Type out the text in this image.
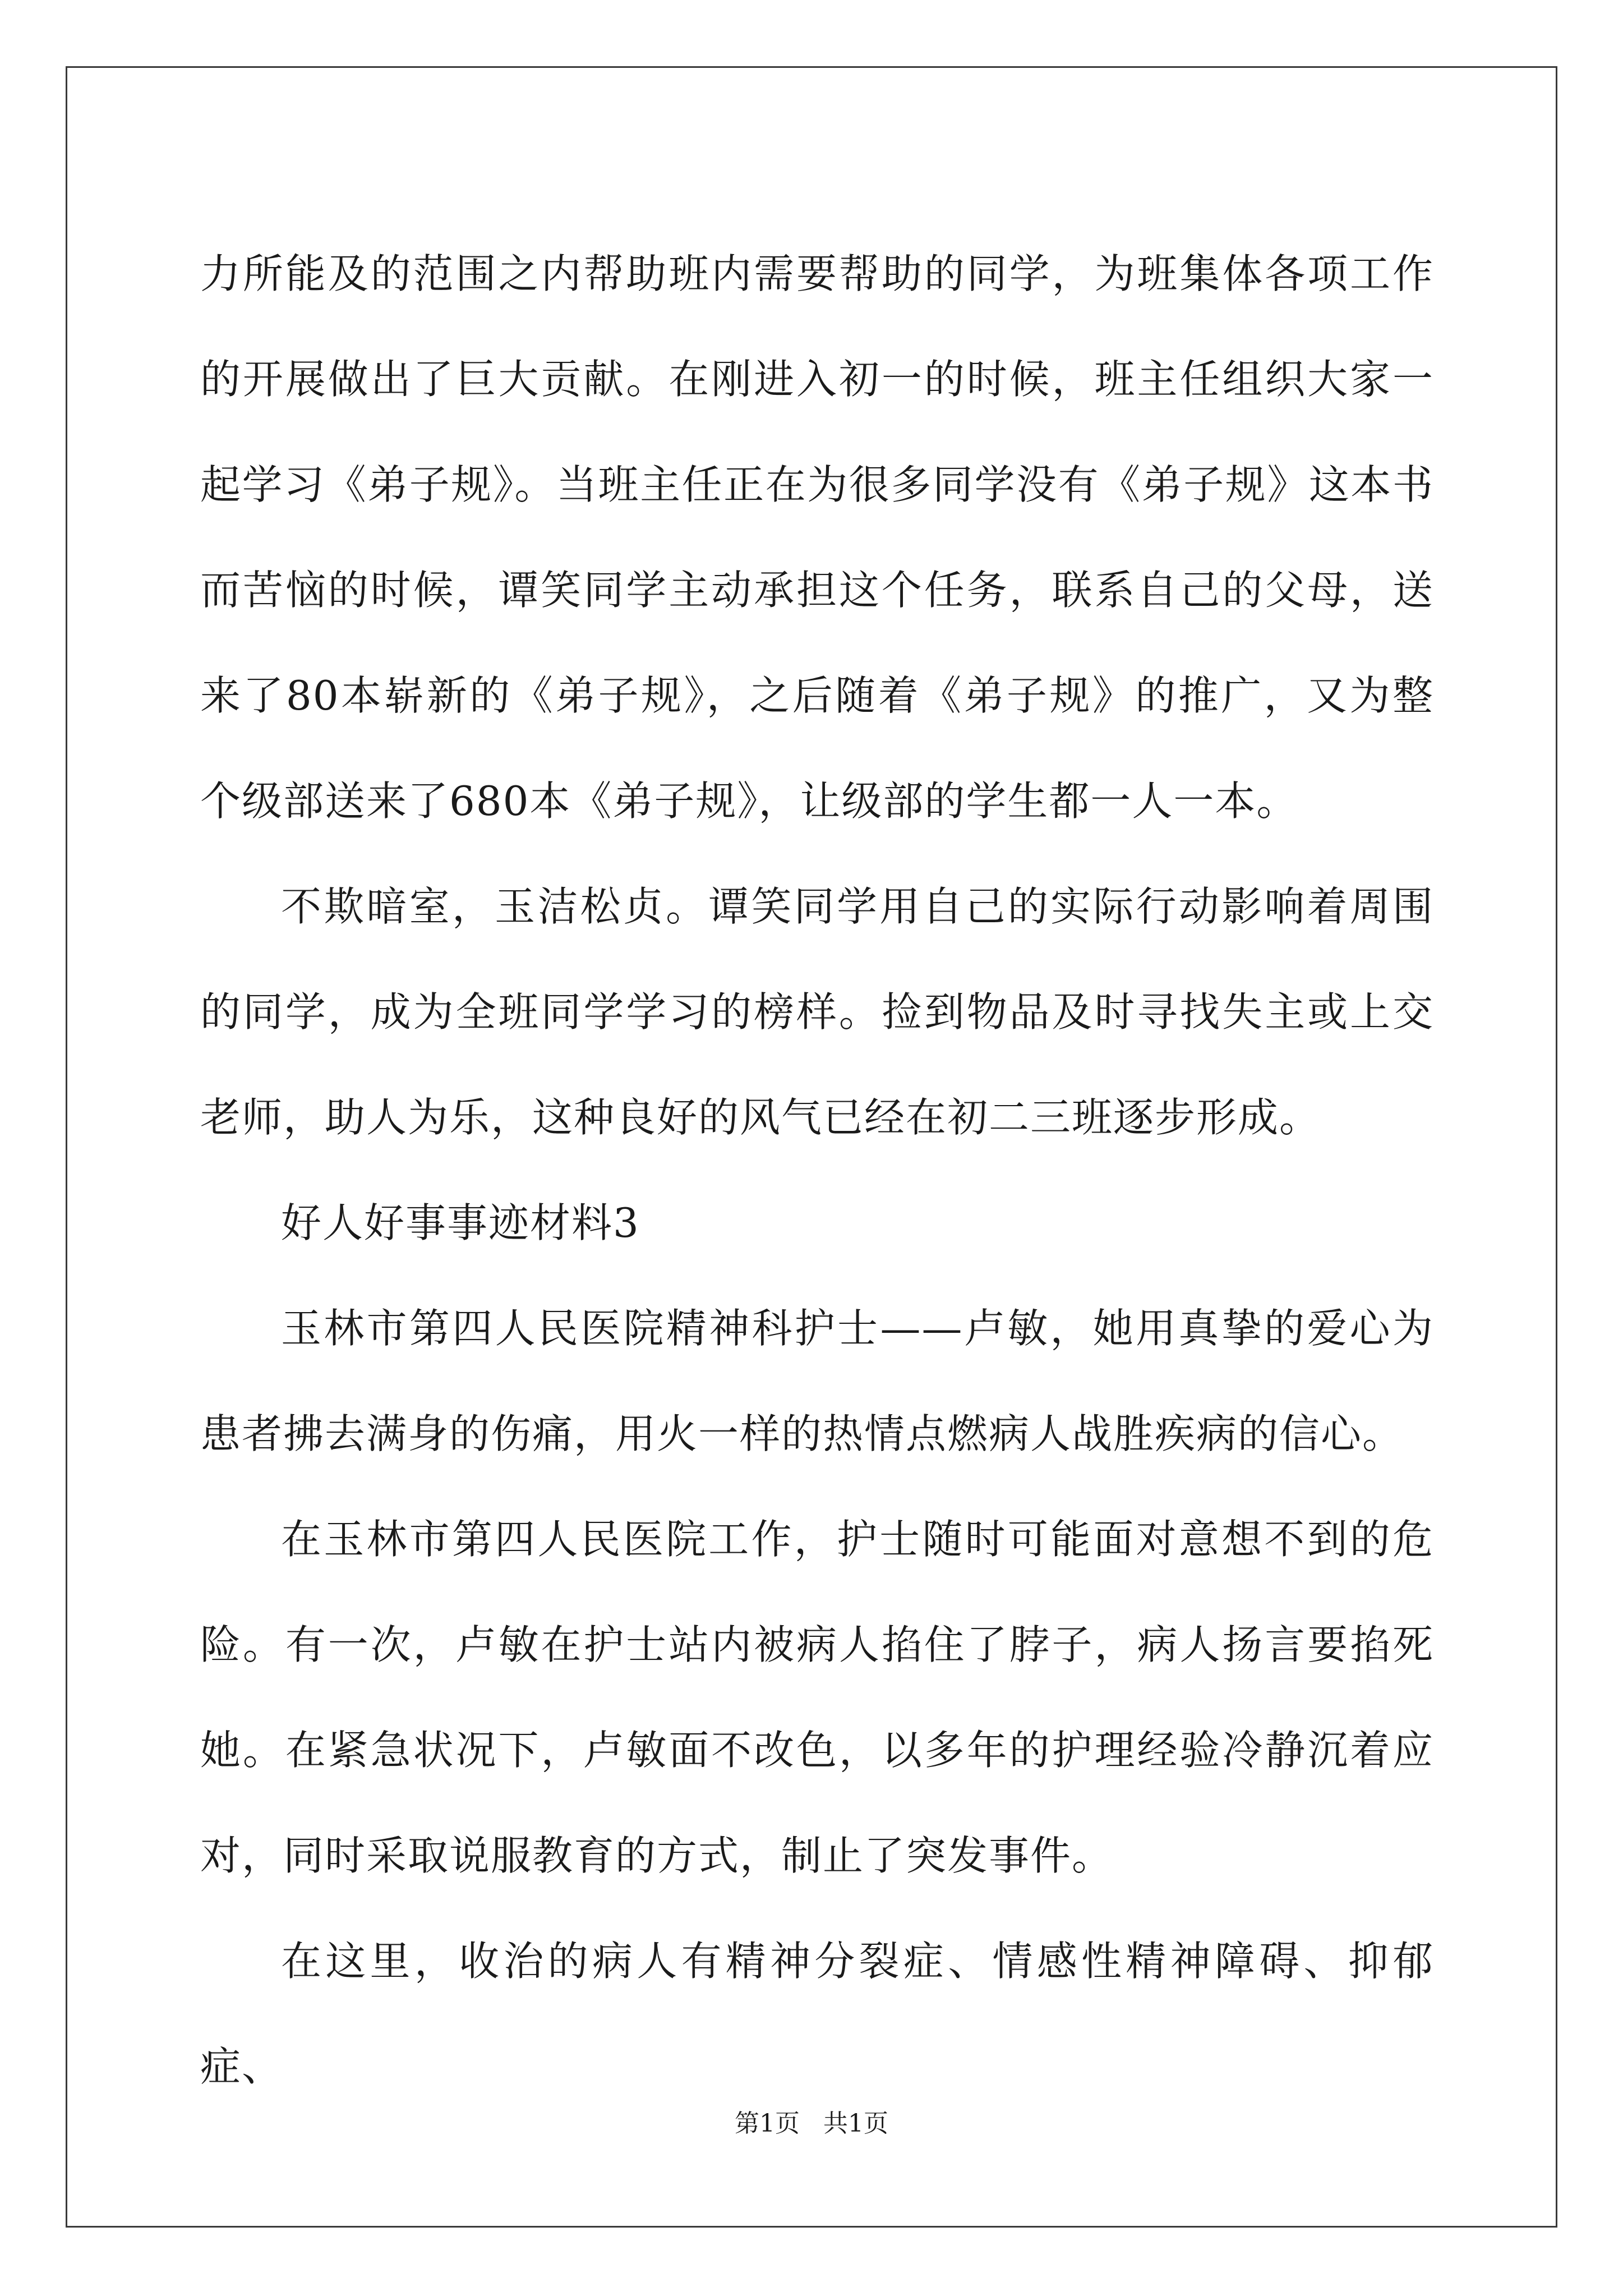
力所能及的范围之内帮助班内需要帮助的同学，为班集体各项工作的开展做出了巨大贡献。在刚进入初一的时候，班主任组织大家一起学习《弟子规》。当班主任正在为很多同学没有《弟子规》这本书而苦恼的时候，谭笑同学主动承担这个任务，联系自己的父母，送来了80本崭新的《弟子规》，之后随着《弟子规》的推广，又为整个级部送来了680本《弟子规》，让级部的学生都一人一本。

不欺暗室，玉洁松贞。谭笑同学用自己的实际行动影响着周围的同学，成为全班同学学习的榜样。捡到物品及时寻找失主或上交老师，助人为乐，这种良好的风气已经在初二三班逐步形成。

好人好事事迹材料3

玉林市第四人民医院精神科护士——卢敏，她用真挚的爱心为患者拂去满身的伤痛，用火一样的热情点燃病人战胜疾病的信心。

在玉林市第四人民医院工作，护士随时可能面对意想不到的危险。有一次，卢敏在护士站内被病人掐住了脖子，病人扬言要掐死她。在紧急状况下，卢敏面不改色，以多年的护理经验冷静沉着应对，同时采取说服教育的方式，制止了突发事件。

在这里，收治的病人有精神分裂症、情感性精神障碍、抑郁症、

第1页 共1页
